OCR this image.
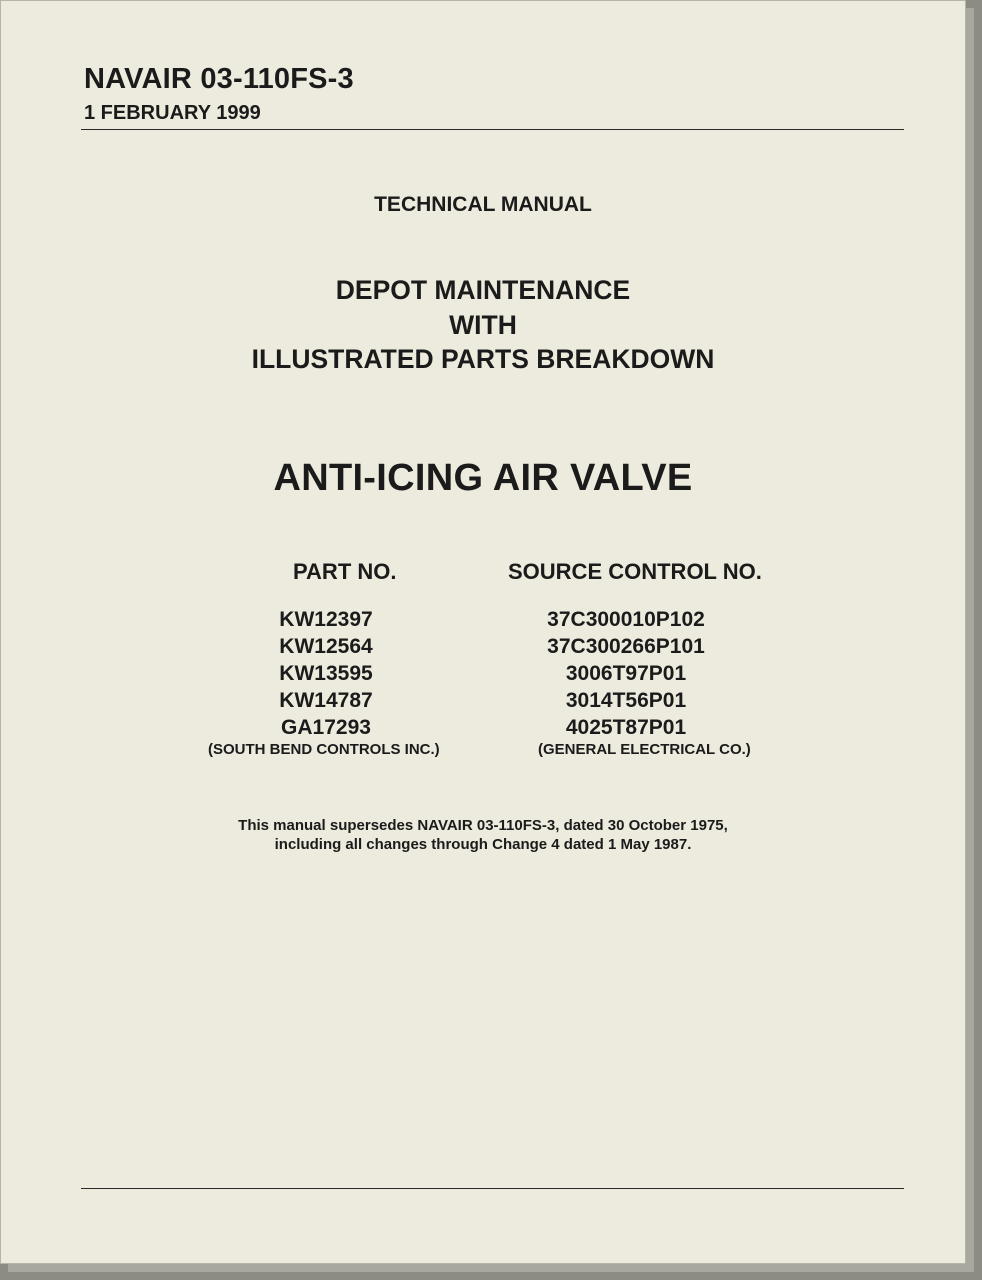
NAVAIR 03-110FS-3
1 FEBRUARY 1999
TECHNICAL MANUAL
DEPOT MAINTENANCE
WITH
ILLUSTRATED PARTS BREAKDOWN
ANTI-ICING AIR VALVE
PART NO.	SOURCE CONTROL NO.
KW12397
KW12564
KW13595
KW14787
GA17293
37C300010P102
37C300266P101
3006T97P01
3014T56P01
4025T87P01
(SOUTH BEND CONTROLS INC.)	(GENERAL ELECTRICAL CO.)
This manual supersedes NAVAIR 03-110FS-3, dated 30 October 1975,
including all changes through Change 4 dated 1 May 1987.
